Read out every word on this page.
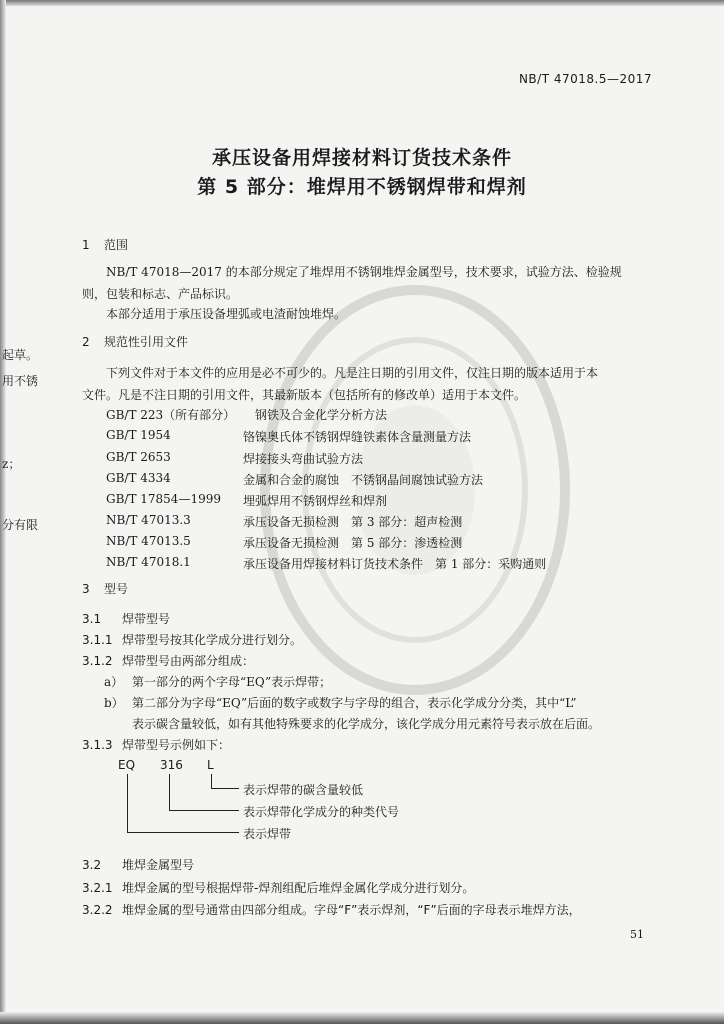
起草。
用不锈
z；
分有限
NB/T 47018.5—2017
承压设备用焊接材料订货技术条件
第 5 部分：堆焊用不锈钢焊带和焊剂
1 范围
NB/T 47018—2017 的本部分规定了堆焊用不锈钢堆焊金属型号，技术要求，试验方法、检验规
则，包装和标志、产品标识。
本部分适用于承压设备埋弧或电渣耐蚀堆焊。
2 规范性引用文件
下列文件对于本文件的应用是必不可少的。凡是注日期的引用文件，仅注日期的版本适用于本
文件。凡是不注日期的引用文件，其最新版本（包括所有的修改单）适用于本文件。
GB/T 223（所有部分） 钢铁及合金化学分析方法
GB/T 1954	铬镍奥氏体不锈钢焊缝铁素体含量测量方法
GB/T 2653	焊接接头弯曲试验方法
GB/T 4334	金属和合金的腐蚀　不锈钢晶间腐蚀试验方法
GB/T 17854—1999 埋弧焊用不锈钢焊丝和焊剂
NB/T 47013.3	承压设备无损检测　第 3 部分：超声检测
NB/T 47013.5	承压设备无损检测　第 5 部分：渗透检测
NB/T 47018.1	承压设备用焊接材料订货技术条件　第 1 部分：采购通则
3 型号
3.1 焊带型号
3.1.1 焊带型号按其化学成分进行划分。
3.1.2 焊带型号由两部分组成：
a） 第一部分的两个字母“EQ”表示焊带；
b） 第二部分为字母“EQ”后面的数字或数字与字母的组合，表示化学成分分类，其中“L”
表示碳含量较低，如有其他特殊要求的化学成分，该化学成分用元素符号表示放在后面。
3.1.3 焊带型号示例如下：
EQ 316 L
表示焊带的碳含量较低
表示焊带化学成分的种类代号
表示焊带
3.2 堆焊金属型号
3.2.1 堆焊金属的型号根据焊带-焊剂组配后堆焊金属化学成分进行划分。
3.2.2 堆焊金属的型号通常由四部分组成。字母“F”表示焊剂，“F”后面的字母表示堆焊方法，
51
